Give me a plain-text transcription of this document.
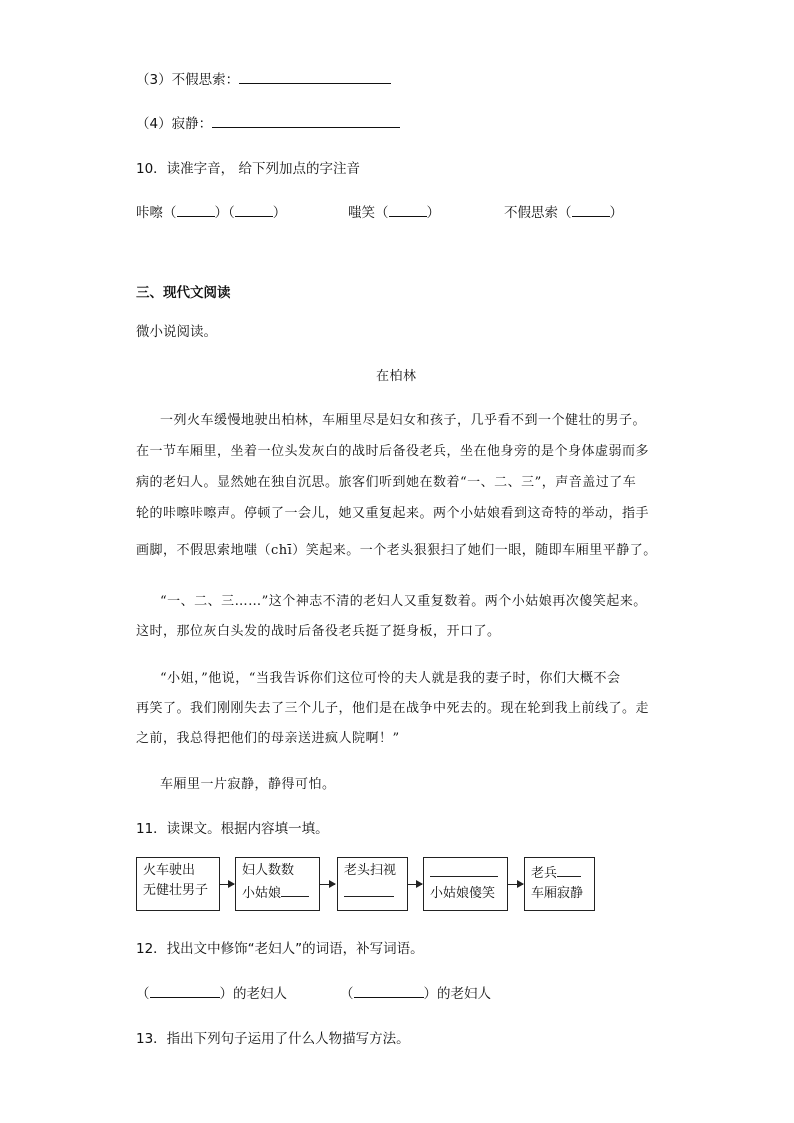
（3）不假思索：
（4）寂静：
10．读准字音， 给下列加点的字注音
咔嚓（	）（	）	嗤笑（	）	不假思索（	）
三、现代文阅读
微小说阅读。
在柏林
一列火车缓慢地驶出柏林，车厢里尽是妇女和孩子，几乎看不到一个健壮的男子。
在一节车厢里，坐着一位头发灰白的战时后备役老兵，坐在他身旁的是个身体虚弱而多
病的老妇人。显然她在独自沉思。旅客们听到她在数着“一、二、三”，声音盖过了车
轮的咔嚓咔嚓声。停顿了一会儿，她又重复起来。两个小姑娘看到这奇特的举动，指手
画脚，不假思索地嗤（chī）笑起来。一个老头狠狠扫了她们一眼，随即车厢里平静了。
“一、二、三……”这个神志不清的老妇人又重复数着。两个小姑娘再次傻笑起来。
这时，那位灰白头发的战时后备役老兵挺了挺身板，开口了。
“小姐，”他说，“当我告诉你们这位可怜的夫人就是我的妻子时，你们大概不会
再笑了。我们刚刚失去了三个儿子，他们是在战争中死去的。现在轮到我上前线了。走
之前，我总得把他们的母亲送进疯人院啊！”
车厢里一片寂静，静得可怕。
11．读课文。根据内容填一填。
火车驶出
无健壮男子
妇人数数
小姑娘
老头扫视
小姑娘傻笑
老兵
车厢寂静
12．找出文中修饰“老妇人”的词语，补写词语。
（	）的老妇人	（	）的老妇人
13．指出下列句子运用了什么人物描写方法。
